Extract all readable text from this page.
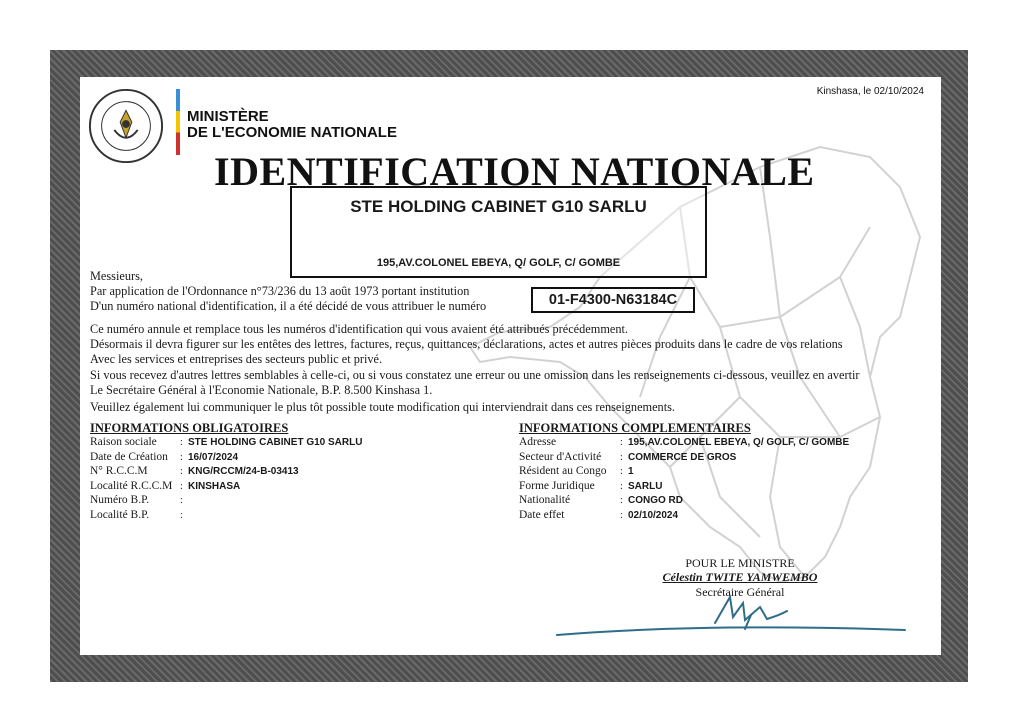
MINISTÈRE
DE L'ECONOMIE NATIONALE
Kinshasa, le 02/10/2024
IDENTIFICATION NATIONALE
STE HOLDING CABINET G10 SARLU
195,AV.COLONEL EBEYA, Q/ GOLF, C/ GOMBE
Messieurs,
Par application de l'Ordonnance n°73/236 du 13 août 1973 portant institution
D'un numéro national d'identification, il a été décidé de vous attribuer le numéro	01-F4300-N63184C
Ce numéro annule et remplace tous les numéros d'identification qui vous avaient été attribués précédemment.
Désormais il devra figurer sur les entêtes des lettres, factures, reçus, quittances, déclarations, actes et autres pièces produits dans le cadre de vos relations
Avec les services et entreprises des secteurs public et privé.
Si vous recevez d'autres lettres semblables à celle-ci, ou si vous constatez une erreur ou une omission dans les renseignements ci-dessous, veuillez en avertir
Le Secrétaire Général à l'Economie Nationale, B.P. 8.500 Kinshasa 1.
Veuillez également lui communiquer le plus tôt possible toute modification qui interviendrait dans ces renseignements.
INFORMATIONS OBLIGATOIRES
Raison sociale : STE HOLDING CABINET G10 SARLU
Date de Création : 16/07/2024
N° R.C.C.M	: KNG/RCCM/24-B-03413
Localité R.C.C.M : KINSHASA
Numéro B.P.	:
Localité B.P.	:
INFORMATIONS COMPLEMENTAIRES
Adresse	: 195,AV.COLONEL EBEYA, Q/ GOLF, C/ GOMBE
Secteur d'Activité : COMMERCE DE GROS
Résident au Congo : 1
Forme Juridique	: SARLU
Nationalité	: CONGO RD
Date effet	: 02/10/2024
POUR LE MINISTRE
Célestin TWITE YAMWEMBO
Secrétaire Général
